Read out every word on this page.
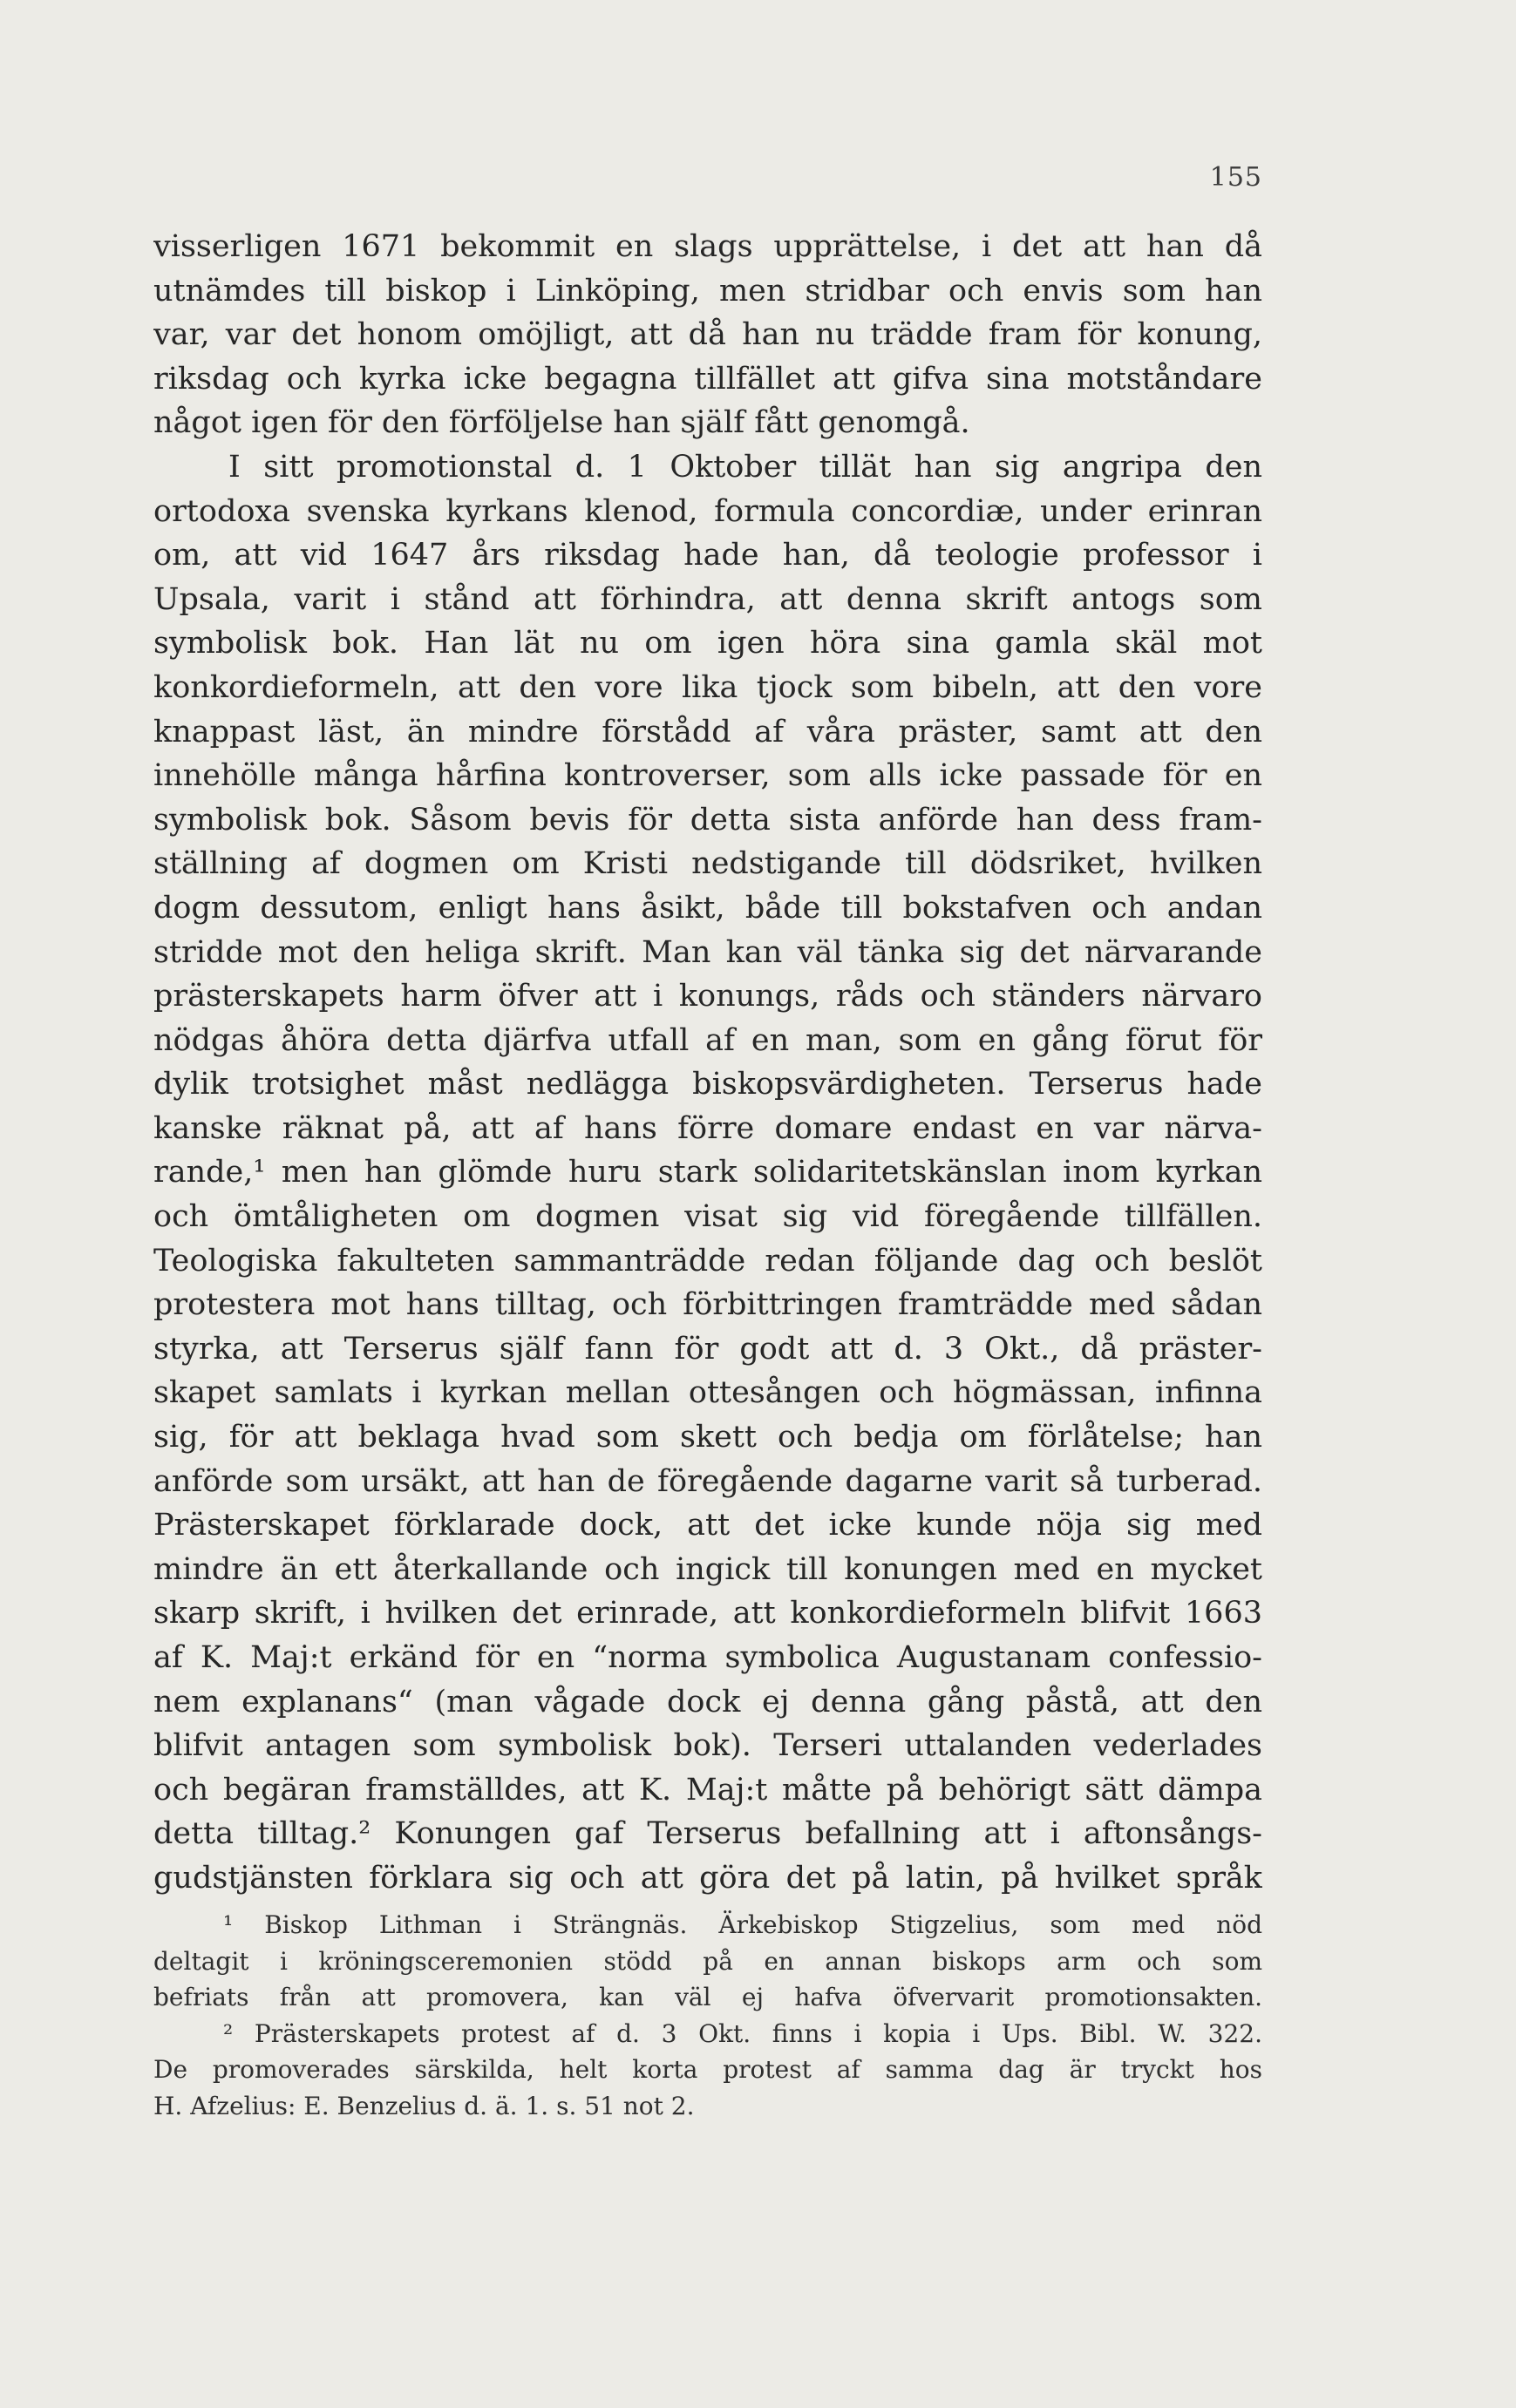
155
visserligen 1671 bekommit en slags upprättelse, i det att han då
utnämdes till biskop i Linköping, men stridbar och envis som han
var, var det honom omöjligt, att då han nu trädde fram för konung,
riksdag och kyrka icke begagna tillfället att gifva sina motståndare
något igen för den förföljelse han själf fått genomgå.
I sitt promotionstal d. 1 Oktober tillät han sig angripa den
ortodoxa svenska kyrkans klenod, formula concordiæ, under erinran
om, att vid 1647 års riksdag hade han, då teologie professor i
Upsala, varit i stånd att förhindra, att denna skrift antogs som
symbolisk bok. Han lät nu om igen höra sina gamla skäl mot
konkordieformeln, att den vore lika tjock som bibeln, att den vore
knappast läst, än mindre förstådd af våra präster, samt att den
innehölle många hårfina kontroverser, som alls icke passade för en
symbolisk bok. Såsom bevis för detta sista anförde han dess fram-
ställning af dogmen om Kristi nedstigande till dödsriket, hvilken
dogm dessutom, enligt hans åsikt, både till bokstafven och andan
stridde mot den heliga skrift. Man kan väl tänka sig det närvarande
prästerskapets harm öfver att i konungs, råds och ständers närvaro
nödgas åhöra detta djärfva utfall af en man, som en gång förut för
dylik trotsighet måst nedlägga biskopsvärdigheten. Terserus hade
kanske räknat på, att af hans förre domare endast en var närva-
rande,¹ men han glömde huru stark solidaritetskänslan inom kyrkan
och ömtåligheten om dogmen visat sig vid föregående tillfällen.
Teologiska fakulteten sammanträdde redan följande dag och beslöt
protestera mot hans tilltag, och förbittringen framträdde med sådan
styrka, att Terserus själf fann för godt att d. 3 Okt., då präster-
skapet samlats i kyrkan mellan ottesången och högmässan, infinna
sig, för att beklaga hvad som skett och bedja om förlåtelse; han
anförde som ursäkt, att han de föregående dagarne varit så turberad.
Prästerskapet förklarade dock, att det icke kunde nöja sig med
mindre än ett återkallande och ingick till konungen med en mycket
skarp skrift, i hvilken det erinrade, att konkordieformeln blifvit 1663
af K. Maj:t erkänd för en “norma symbolica Augustanam confessio-
nem explanans“ (man vågade dock ej denna gång påstå, att den
blifvit antagen som symbolisk bok). Terseri uttalanden vederlades
och begäran framställdes, att K. Maj:t måtte på behörigt sätt dämpa
detta tilltag.² Konungen gaf Terserus befallning att i aftonsångs-
gudstjänsten förklara sig och att göra det på latin, på hvilket språk
¹ Biskop Lithman i Strängnäs. Ärkebiskop Stigzelius, som med nöd
deltagit i kröningsceremonien stödd på en annan biskops arm och som
befriats från att promovera, kan väl ej hafva öfvervarit promotionsakten.
² Prästerskapets protest af d. 3 Okt. finns i kopia i Ups. Bibl. W. 322.
De promoverades särskilda, helt korta protest af samma dag är tryckt hos
H. Afzelius: E. Benzelius d. ä. 1. s. 51 not 2.
